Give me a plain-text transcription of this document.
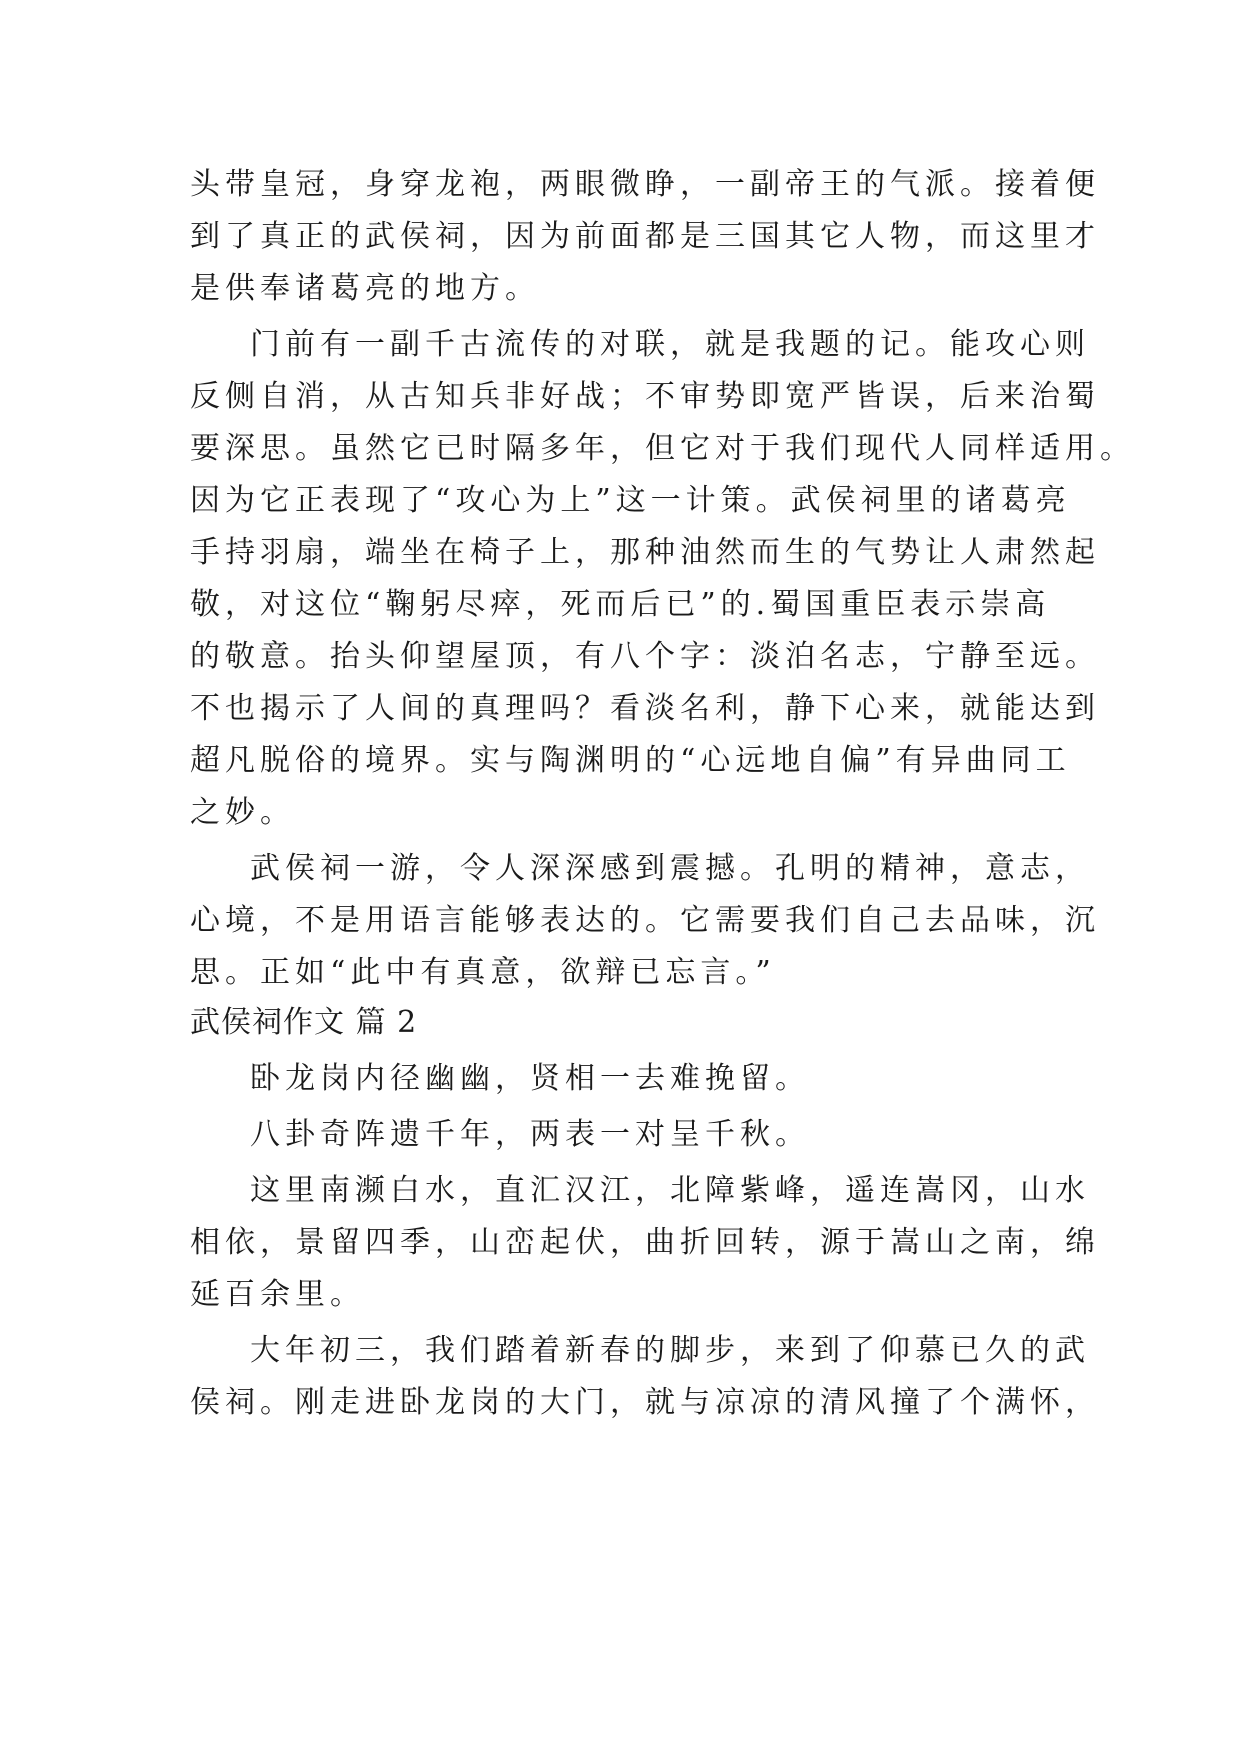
头带皇冠，身穿龙袍，两眼微睁，一副帝王的气派。接着便
到了真正的武侯祠，因为前面都是三国其它人物，而这里才
是供奉诸葛亮的地方。
门前有一副千古流传的对联，就是我题的记。能攻心则
反侧自消，从古知兵非好战；不审势即宽严皆误，后来治蜀
要深思。虽然它已时隔多年，但它对于我们现代人同样适用。
因为它正表现了“攻心为上”这一计策。武侯祠里的诸葛亮
手持羽扇，端坐在椅子上，那种油然而生的气势让人肃然起
敬，对这位“鞠躬尽瘁，死而后已”的.蜀国重臣表示崇高
的敬意。抬头仰望屋顶，有八个字：淡泊名志，宁静至远。
不也揭示了人间的真理吗？看淡名利，静下心来，就能达到
超凡脱俗的境界。实与陶渊明的“心远地自偏”有异曲同工
之妙。
武侯祠一游，令人深深感到震撼。孔明的精神，意志，
心境，不是用语言能够表达的。它需要我们自己去品味，沉
思。正如“此中有真意，欲辩已忘言。”
武侯祠作文 篇 2
卧龙岗内径幽幽，贤相一去难挽留。
八卦奇阵遗千年，两表一对呈千秋。
这里南濒白水，直汇汉江，北障紫峰，遥连嵩冈，山水
相依，景留四季，山峦起伏，曲折回转，源于嵩山之南，绵
延百余里。
大年初三，我们踏着新春的脚步，来到了仰慕已久的武
侯祠。刚走进卧龙岗的大门，就与凉凉的清风撞了个满怀，
